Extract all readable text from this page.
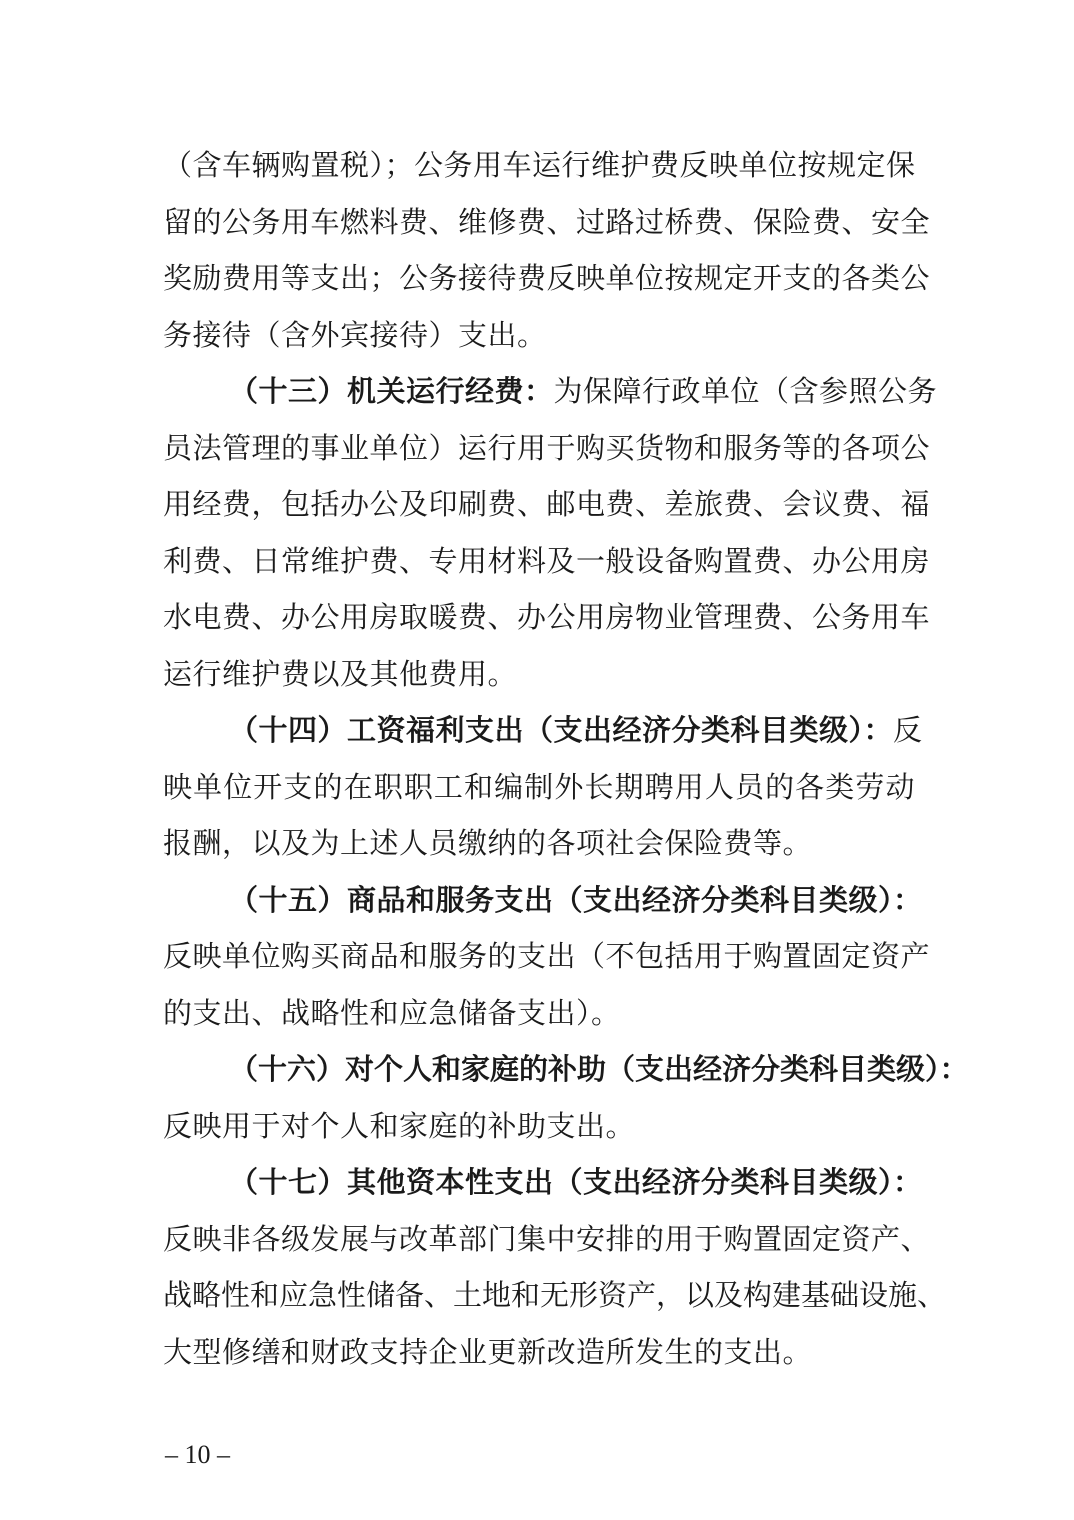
（含车辆购置税）；公务用车运行维护费反映单位按规定保
留的公务用车燃料费、维修费、过路过桥费、保险费、安全
奖励费用等支出；公务接待费反映单位按规定开支的各类公
务接待（含外宾接待）支出。
（十三）机关运行经费：为保障行政单位（含参照公务
员法管理的事业单位）运行用于购买货物和服务等的各项公
用经费，包括办公及印刷费、邮电费、差旅费、会议费、福
利费、日常维护费、专用材料及一般设备购置费、办公用房
水电费、办公用房取暖费、办公用房物业管理费、公务用车
运行维护费以及其他费用。
（十四）工资福利支出（支出经济分类科目类级）：反
映单位开支的在职职工和编制外长期聘用人员的各类劳动
报酬，以及为上述人员缴纳的各项社会保险费等。
（十五）商品和服务支出（支出经济分类科目类级）：
反映单位购买商品和服务的支出（不包括用于购置固定资产
的支出、战略性和应急储备支出）。
（十六）对个人和家庭的补助（支出经济分类科目类级）：
反映用于对个人和家庭的补助支出。
（十七）其他资本性支出（支出经济分类科目类级）：
反映非各级发展与改革部门集中安排的用于购置固定资产、
战略性和应急性储备、土地和无形资产，以及构建基础设施、
大型修缮和财政支持企业更新改造所发生的支出。
– 10 –
